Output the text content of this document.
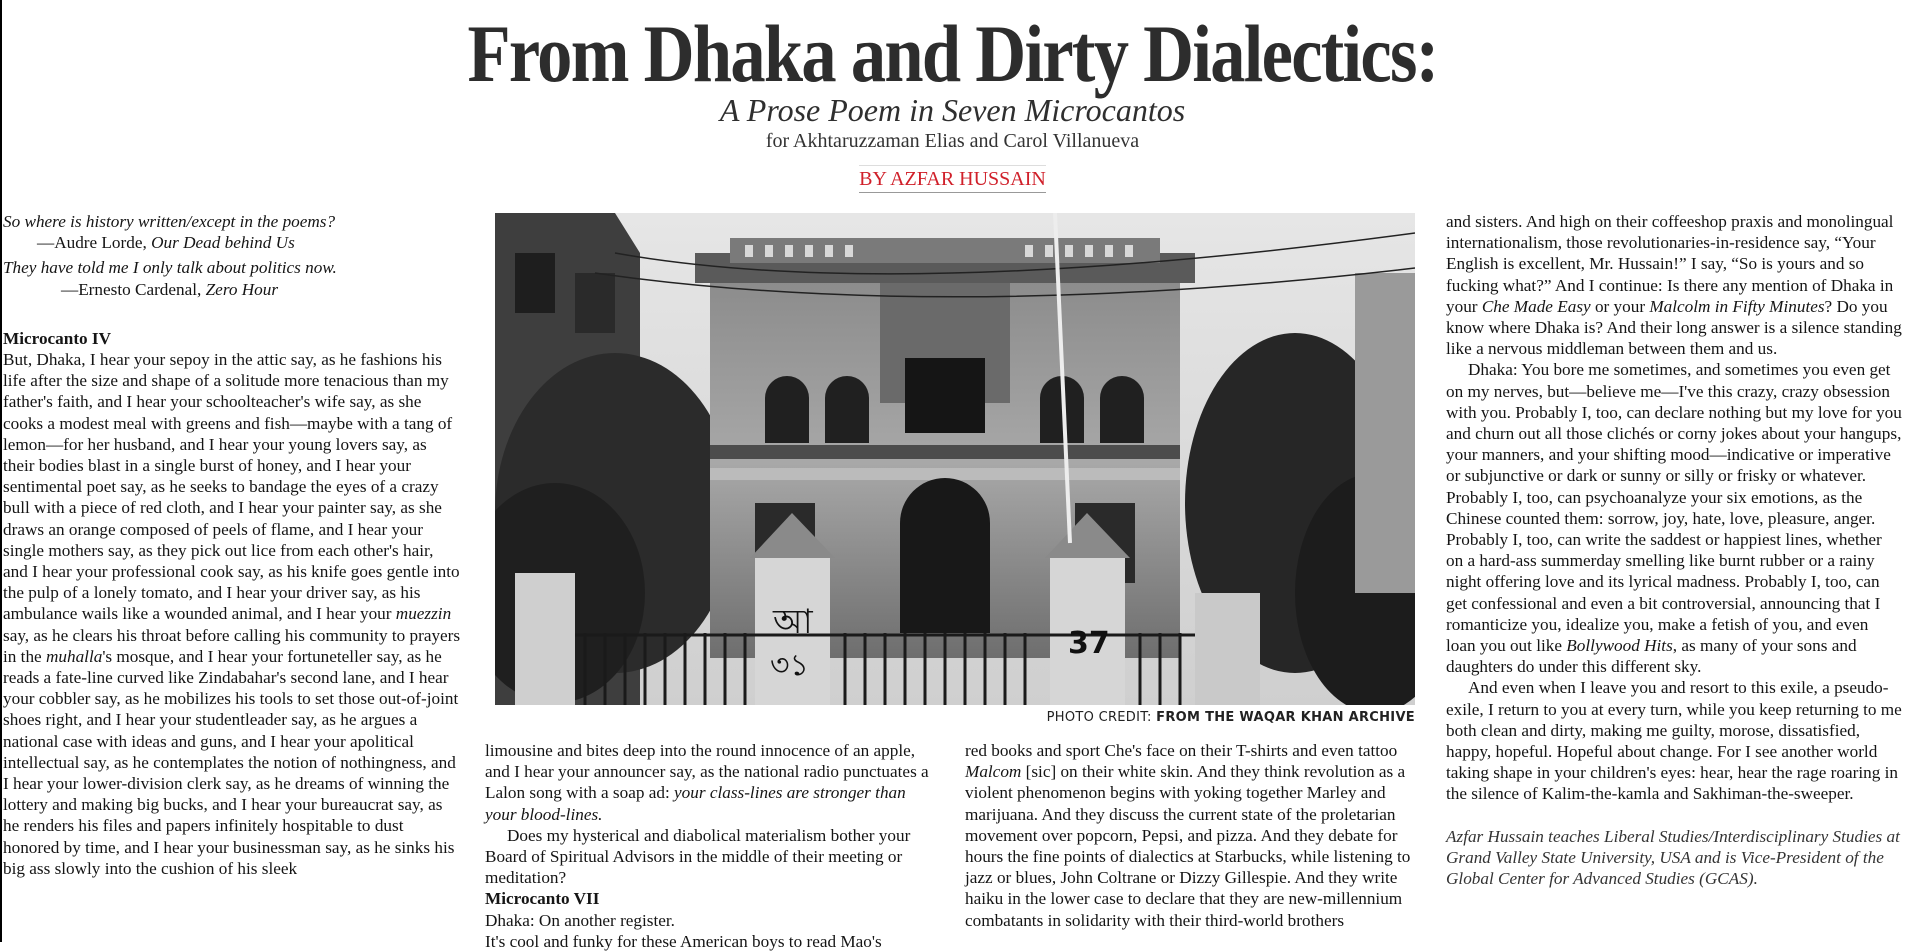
From Dhaka and Dirty Dialectics:
A Prose Poem in Seven Microcantos
for Akhtaruzzaman Elias and Carol Villanueva
BY AZFAR HUSSAIN

So where is history written/except in the poems?

—Audre Lorde, Our Dead behind Us

They have told me I only talk about politics now.

—Ernesto Cardenal, Zero Hour

Microcanto IV

But, Dhaka, I hear your sepoy in the attic say, as he fashions his life after the size and shape of a solitude more tenacious than my father's faith, and I hear your schoolteacher's wife say, as she cooks a modest meal with greens and fish—maybe with a tang of lemon—for her husband, and I hear your young lovers say, as their bodies blast in a single burst of honey, and I hear your sentimental poet say, as he seeks to bandage the eyes of a crazy bull with a piece of red cloth, and I hear your painter say, as she draws an orange composed of peels of flame, and I hear your single mothers say, as they pick out lice from each other's hair, and I hear your professional cook say, as his knife goes gentle into the pulp of a lonely tomato, and I hear your driver say, as his ambulance wails like a wounded animal, and I hear your muezzin say, as he clears his throat before calling his community to prayers in the muhalla's mosque, and I hear your fortuneteller say, as he reads a fate-line curved like Zindabahar's second lane, and I hear your cobbler say, as he mobilizes his tools to set those out-of-joint shoes right, and I hear your studentleader say, as he argues a national case with ideas and guns, and I hear your apolitical intellectual say, as he contemplates the notion of nothingness, and I hear your lower-division clerk say, as he dreams of winning the lottery and making big bucks, and I hear your bureaucrat say, as he renders his files and papers infinitely hospitable to dust honored by time, and I hear your businessman say, as he sinks his big ass slowly into the cushion of his sleek

আ
৩১
37
PHOTO CREDIT: FROM THE WAQAR KHAN ARCHIVE

limousine and bites deep into the round innocence of an apple, and I hear your announcer say, as the national radio punctuates a Lalon song with a soap ad: your class-lines are stronger than your blood-lines.

Does my hysterical and diabolical materialism bother your Board of Spiritual Advisors in the middle of their meeting or meditation?

Microcanto VII

Dhaka: On another register.

It's cool and funky for these American boys to read Mao's

red books and sport Che's face on their T-shirts and even tattoo Malcom [sic] on their white skin. And they think revolution as a violent phenomenon begins with yoking together Marley and marijuana. And they discuss the current state of the proletarian movement over popcorn, Pepsi, and pizza. And they debate for hours the fine points of dialectics at Starbucks, while listening to jazz or blues, John Coltrane or Dizzy Gillespie. And they write haiku in the lower case to declare that they are new-millennium combatants in solidarity with their third-world brothers

and sisters. And high on their coffeeshop praxis and monolingual internationalism, those revolutionaries-in-residence say, “Your English is excellent, Mr. Hussain!” I say, “So is yours and so fucking what?” And I continue: Is there any mention of Dhaka in your Che Made Easy or your Malcolm in Fifty Minutes? Do you know where Dhaka is? And their long answer is a silence standing like a nervous middleman between them and us.

Dhaka: You bore me sometimes, and sometimes you even get on my nerves, but—believe me—I've this crazy, crazy obsession with you. Probably I, too, can declare nothing but my love for you and churn out all those clichés or corny jokes about your hangups, your manners, and your shifting mood—indicative or imperative or subjunctive or dark or sunny or silly or frisky or whatever. Probably I, too, can psychoanalyze your six emotions, as the Chinese counted them: sorrow, joy, hate, love, pleasure, anger. Probably I, too, can write the saddest or happiest lines, whether on a hard-ass summerday smelling like burnt rubber or a rainy night offering love and its lyrical madness. Probably I, too, can get confessional and even a bit controversial, announcing that I romanticize you, idealize you, make a fetish of you, and even loan you out like Bollywood Hits, as many of your sons and daughters do under this different sky.

And even when I leave you and resort to this exile, a pseudo-exile, I return to you at every turn, while you keep returning to me both clean and dirty, making me guilty, morose, dissatisfied, happy, hopeful. Hopeful about change. For I see another world taking shape in your children's eyes: hear, hear the rage roaring in the silence of Kalim-the-kamla and Sakhiman-the-sweeper.

Azfar Hussain teaches Liberal Studies/Interdisciplinary Studies at Grand Valley State University, USA and is Vice-President of the Global Center for Advanced Studies (GCAS).
